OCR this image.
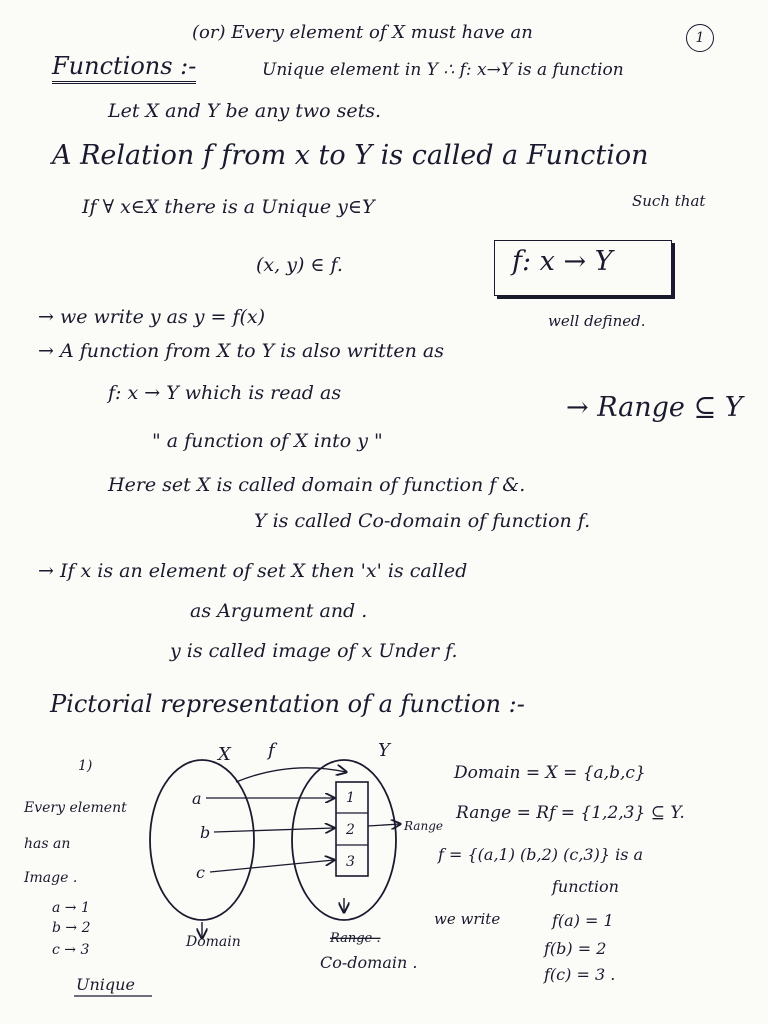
(or) Every element of X must have an	1
Functions :-	Unique element in Y ∴ f: x→Y is a function
Let X and Y be any two sets.
A Relation f from x to Y is called a Function
If ∀ x∈X there is a Unique y∈Y	Such that
(x, y) ∈ f.	f: x → Y
→ we write y as y = f(x)	well defined.
→ A function from X to Y is also written as
f: x → Y which is read as	→ Range ⊆ Y
" a function of X into y "
Here set X is called domain of function f &.
Y is called Co-domain of function f.
→ If x is an element of set X then 'x' is called
as Argument and .
y is called image of x Under f.
Pictorial representation of a function :-
1)
X f	Y
a
b
c
1
2
3
Range
Every element
has an
Image .
a → 1
b → 2
c → 3
Unique
Domain	Range .
Co-domain .
Domain = X = {a,b,c}
Range = Rf = {1,2,3} ⊆ Y.
f = {(a,1) (b,2) (c,3)} is a
function
we write	f(a) = 1
f(b) = 2
f(c) = 3 .
